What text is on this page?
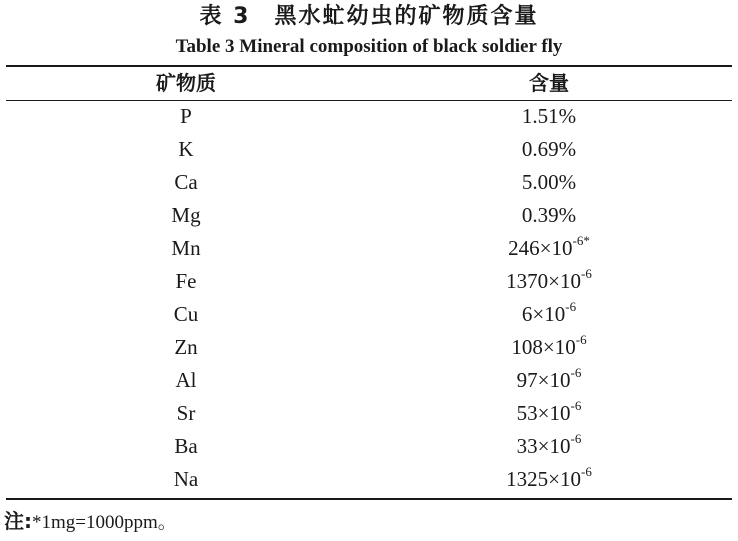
表 3　黑水虻幼虫的矿物质含量
Table 3 Mineral composition of black soldier fly
矿物质	含量
P	1.51%
K	0.69%
Ca	5.00%
Mg	0.39%
Mn	$246\times 10^{-6*}$
Fe	$1370\times 10^{-6}$
Cu	$6\times 10^{-6}$
Zn	$108\times 10^{-6}$
Al	$97\times 10^{-6}$
Sr	$53\times 10^{-6}$
Ba	$33\times 10^{-6}$
Na	$1325\times 10^{-6}$
注:*1mg=1000ppm。
